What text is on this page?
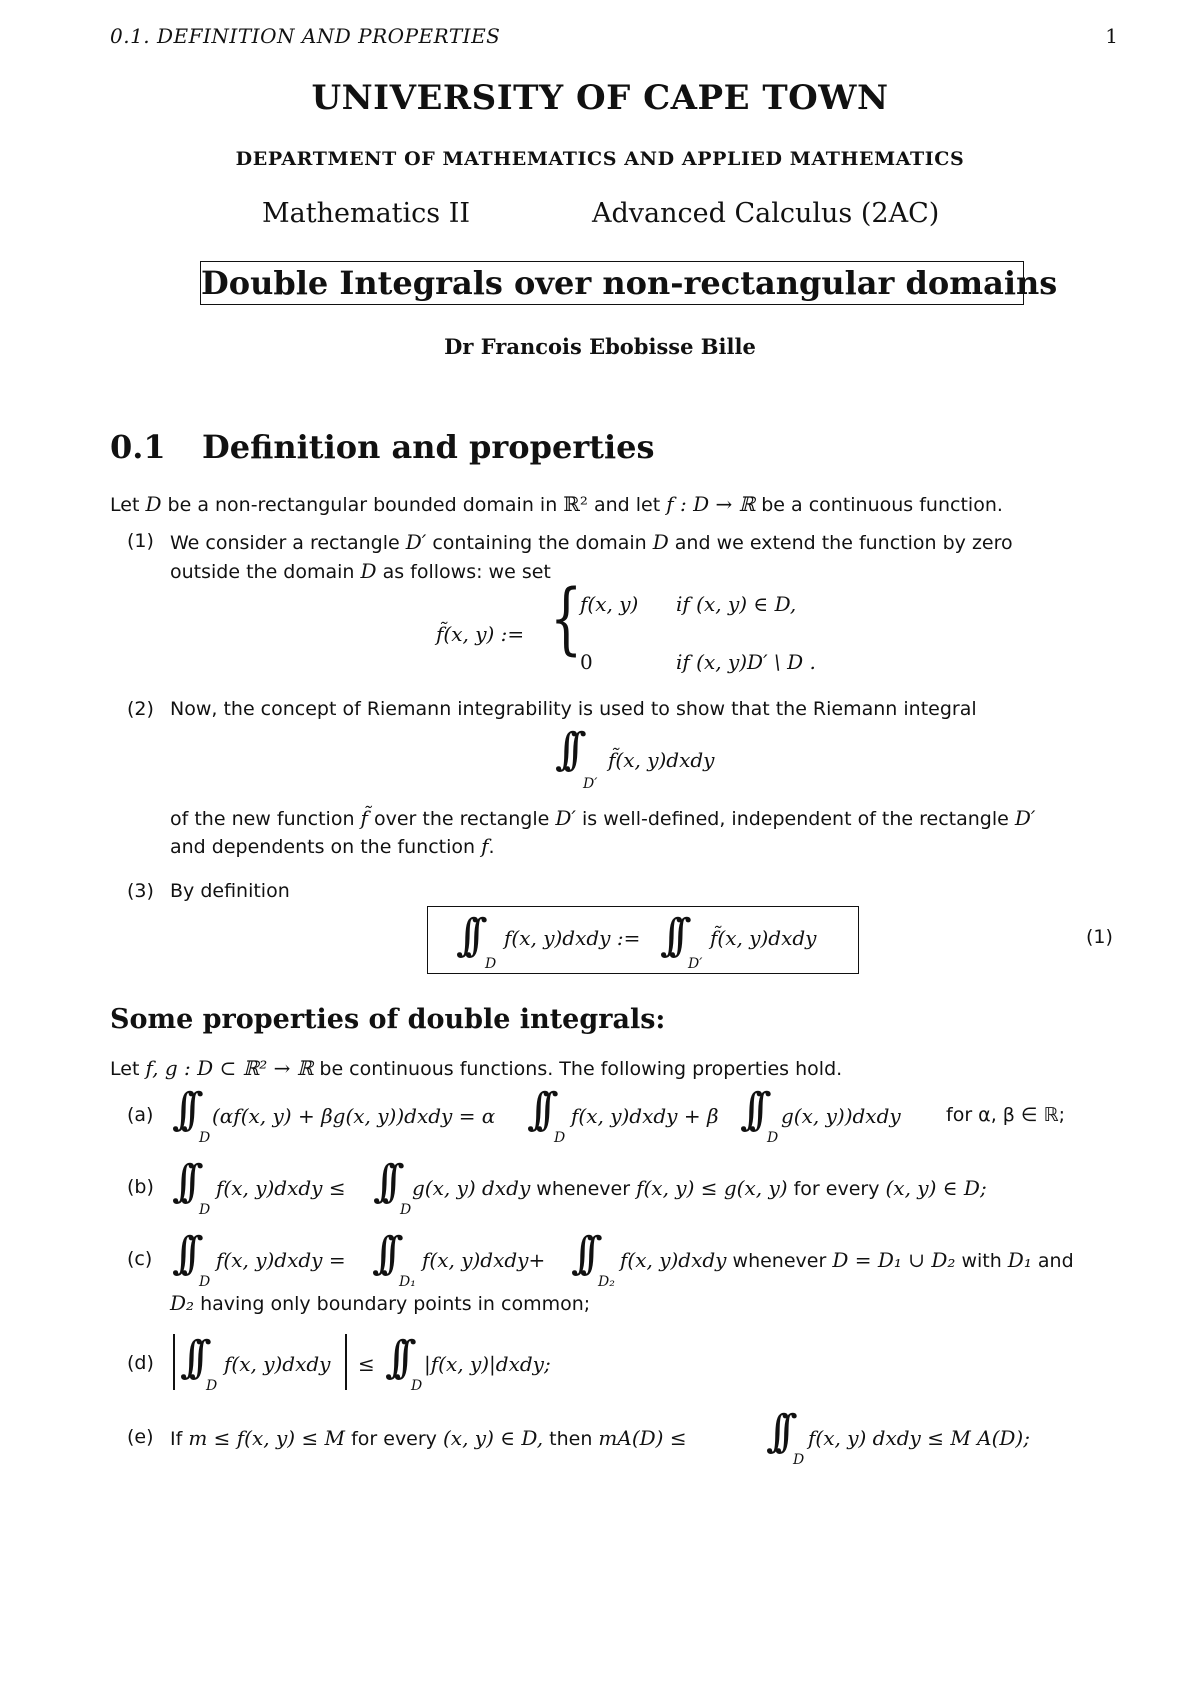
0.1. DEFINITION AND PROPERTIES	1
UNIVERSITY OF CAPE TOWN
DEPARTMENT OF MATHEMATICS AND APPLIED MATHEMATICS
Mathematics II	Advanced Calculus (2AC)
Double Integrals over non-rectangular domains
Dr Francois Ebobisse Bille
0.1 Definition and properties
Let D be a non-rectangular bounded domain in ℝ² and let f : D → ℝ be a continuous function.
(1) We consider a rectangle D′ containing the domain D and we extend the function by zero
outside the domain D as follows: we set
f̃(x, y) := {
f(x, y) if (x, y) ∈ D,
0	if (x, y)D′ \ D .
(2) Now, the concept of Riemann integrability is used to show that the Riemann integral
∫∫
D′
f̃(x, y)dxdy
of the new function f̃ over the rectangle D′ is well-defined, independent of the rectangle D′
and dependents on the function f.
(3) By definition
∫∫
D
f(x, y)dxdy := ∫∫
D′
f̃(x, y)dxdy	(1)
Some properties of double integrals:
Let f, g : D ⊂ ℝ² → ℝ be continuous functions. The following properties hold.
(a) ∫∫
D
(αf(x, y) + βg(x, y))dxdy = α ∫∫
D
f(x, y)dxdy + β ∫∫
D
g(x, y))dxdy for α, β ∈ ℝ;
(b) ∫∫
D
f(x, y)dxdy ≤ ∫∫
D
g(x, y) dxdy whenever f(x, y) ≤ g(x, y) for every (x, y) ∈ D;
(c) ∫∫
D
f(x, y)dxdy = ∫∫
D₁
f(x, y)dxdy+ ∫∫
D₂
f(x, y)dxdy whenever D = D₁ ∪ D₂ with D₁ and
D₂ having only boundary points in common;
(d) ∫∫
D
f(x, y)dxdy ≤ ∫∫
D
|f(x, y)|dxdy;
(e) If m ≤ f(x, y) ≤ M for every (x, y) ∈ D, then mA(D) ≤ ∫∫
D
f(x, y) dxdy ≤ M A(D);
